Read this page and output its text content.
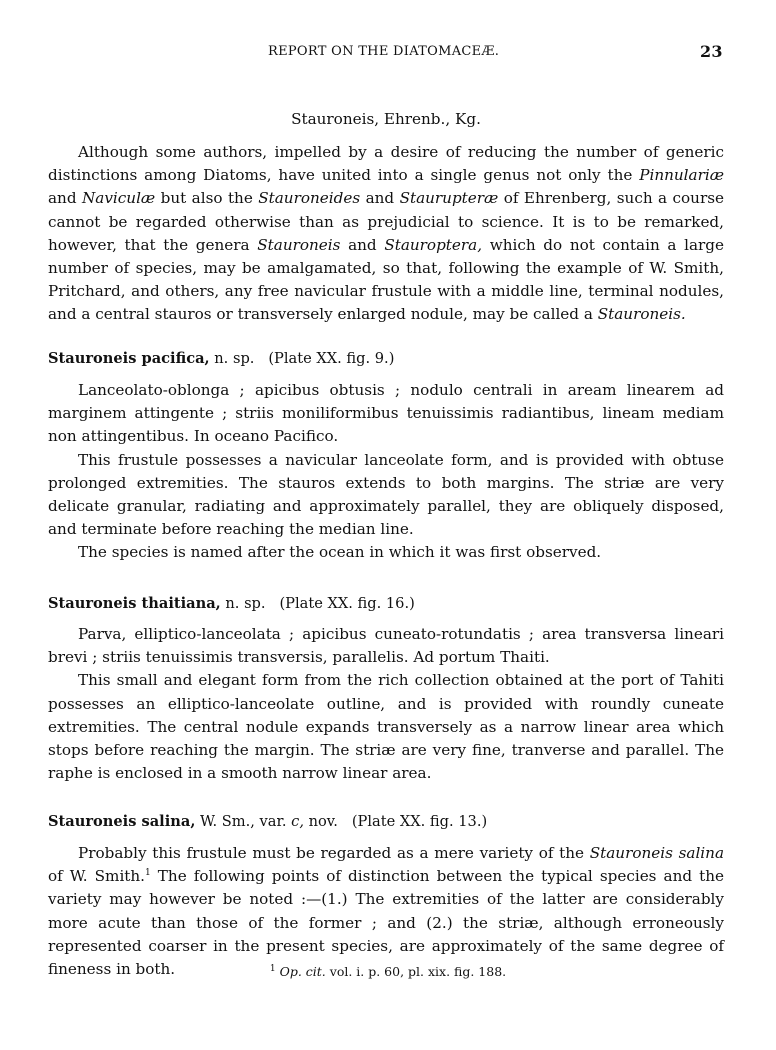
REPORT ON THE DIATOMACEÆ.	23
Stauroneis, Ehrenb., Kg.

Although some authors, impelled by a desire of reducing the number of generic distinctions among Diatoms, have united into a single genus not only the Pinnulariæ and Naviculæ but also the Stauroneides and Staurupteræ of Ehrenberg, such a course cannot be regarded otherwise than as prejudicial to science. It is to be remarked, however, that the genera Stauroneis and Stauroptera, which do not contain a large number of species, may be amalgamated, so that, following the example of W. Smith, Pritchard, and others, any free navicular frustule with a middle line, terminal nodules, and a central stauros or transversely enlarged nodule, may be called a Stauroneis.

Stauroneis pacifica, n. sp.   (Plate XX. fig. 9.)

Lanceolato-oblonga ; apicibus obtusis ; nodulo centrali in aream linearem ad marginem attingente ; striis moniliformibus tenuissimis radiantibus, lineam mediam non attingentibus. In oceano Pacifico.

This frustule possesses a navicular lanceolate form, and is provided with obtuse prolonged extremities. The stauros extends to both margins. The striæ are very delicate granular, radiating and approximately parallel, they are obliquely disposed, and terminate before reaching the median line.

The species is named after the ocean in which it was first observed.

Stauroneis thaitiana, n. sp.   (Plate XX. fig. 16.)

Parva, elliptico-lanceolata ; apicibus cuneato-rotundatis ; area transversa lineari brevi ; striis tenuissimis transversis, parallelis. Ad portum Thaiti.

This small and elegant form from the rich collection obtained at the port of Tahiti possesses an elliptico-lanceolate outline, and is provided with roundly cuneate extremities. The central nodule expands transversely as a narrow linear area which stops before reaching the margin. The striæ are very fine, tranverse and parallel. The raphe is enclosed in a smooth narrow linear area.

Stauroneis salina, W. Sm., var. c, nov.   (Plate XX. fig. 13.)

Probably this frustule must be regarded as a mere variety of the Stauroneis salina of W. Smith.$^1$ The following points of distinction between the typical species and the variety may however be noted :—(1.) The extremities of the latter are considerably more acute than those of the former ; and (2.) the striæ, although erroneously represented coarser in the present species, are approximately of the same degree of fineness in both.	$^1$ Op. cit. vol. i. p. 60, pl. xix. fig. 188.
